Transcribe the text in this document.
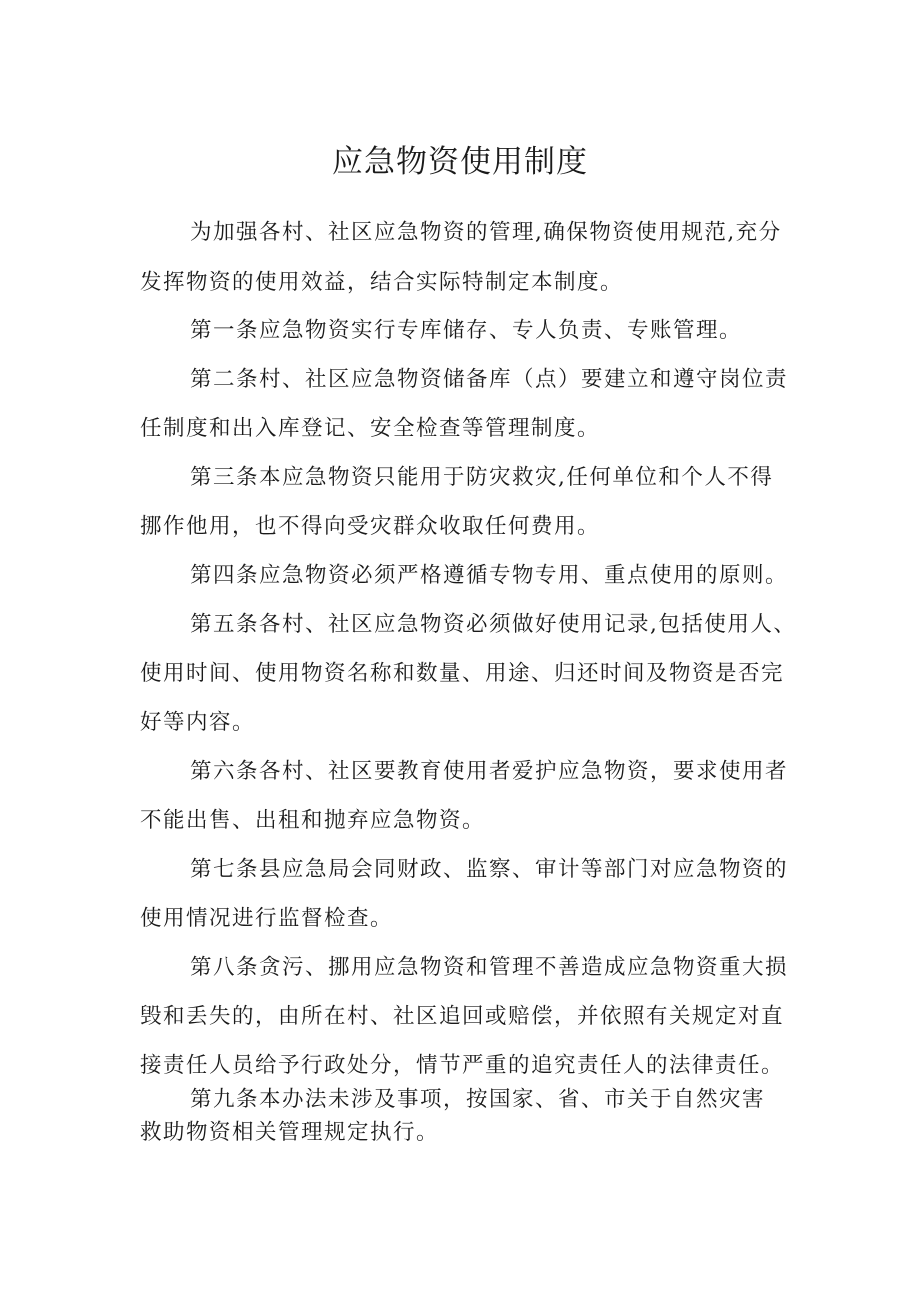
应急物资使用制度
为加强各村、社区应急物资的管理,确保物资使用规范,充分
发挥物资的使用效益，结合实际特制定本制度。
第一条应急物资实行专库储存、专人负责、专账管理。
第二条村、社区应急物资储备库（点）要建立和遵守岗位责
任制度和出入库登记、安全检查等管理制度。
第三条本应急物资只能用于防灾救灾,任何单位和个人不得
挪作他用，也不得向受灾群众收取任何费用。
第四条应急物资必须严格遵循专物专用、重点使用的原则。
第五条各村、社区应急物资必须做好使用记录,包括使用人、
使用时间、使用物资名称和数量、用途、归还时间及物资是否完
好等内容。
第六条各村、社区要教育使用者爱护应急物资，要求使用者
不能出售、出租和抛弃应急物资。
第七条县应急局会同财政、监察、审计等部门对应急物资的
使用情况进行监督检查。
第八条贪污、挪用应急物资和管理不善造成应急物资重大损
毁和丢失的，由所在村、社区追回或赔偿，并依照有关规定对直
接责任人员给予行政处分，情节严重的追究责任人的法律责任。
第九条本办法未涉及事项，按国家、省、市关于自然灾害
救助物资相关管理规定执行。
